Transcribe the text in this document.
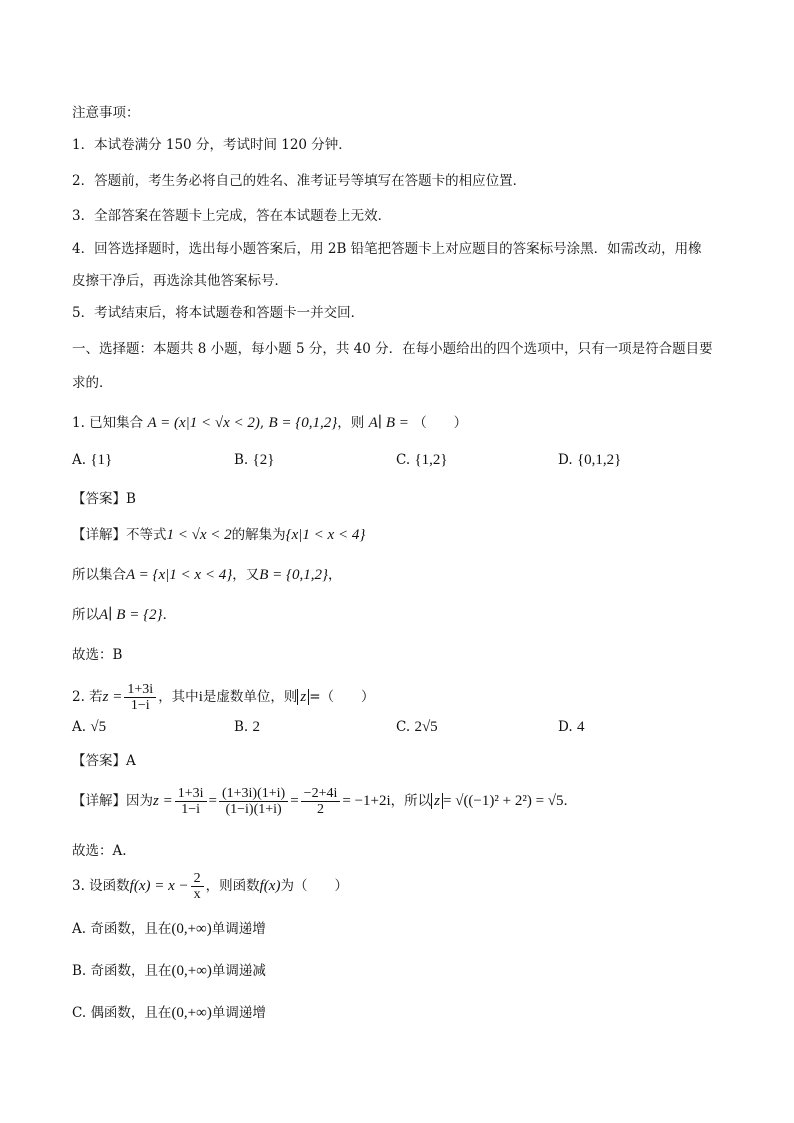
注意事项：
1．本试卷满分 150 分，考试时间 120 分钟．
2．答题前，考生务必将自己的姓名、准考证号等填写在答题卡的相应位置．
3．全部答案在答题卡上完成，答在本试题卷上无效．
4．回答选择题时，选出每小题答案后，用 2B 铅笔把答题卡上对应题目的答案标号涂黑．如需改动，用橡
皮擦干净后，再选涂其他答案标号．
5．考试结束后，将本试题卷和答题卡一并交回．
一、选择题：本题共 8 小题，每小题 5 分，共 40 分．在每小题给出的四个选项中，只有一项是符合题目要
求的．
1. 已知集合 A = (x|1 < √x < 2), B = {0,1,2}，则 A∣ B = （　　）
A. {1}	B. {2}	C. {1,2}	D. {0,1,2}
【答案】B
【详解】不等式1 < √x < 2的解集为{x|1 < x < 4}
所以集合A = {x|1 < x < 4}，又B = {0,1,2}，
所以A∣ B = {2}．
故选：B
2. 若$z = \frac{1+3i}{1-i}$ ，其中i是虚数单位，则 z =（　　）
A. √5	B. 2	C. 2√5	D. 4
【答案】A
【详解】因为$z = \frac{1+3i}{1-i} = \frac{(1+3i)(1+i)}{(1-i)(1+i)} = \frac{-2+4i}{2} = -1+2i$，所以 z = √((−1)² + 2²) = √5．
故选：A.
3. 设函数$f(x) = x - \frac{2}{x}$ ，则函数f(x)为（　　）
A. 奇函数，且在(0,+∞)单调递增
B. 奇函数，且在(0,+∞)单调递减
C. 偶函数，且在(0,+∞)单调递增
